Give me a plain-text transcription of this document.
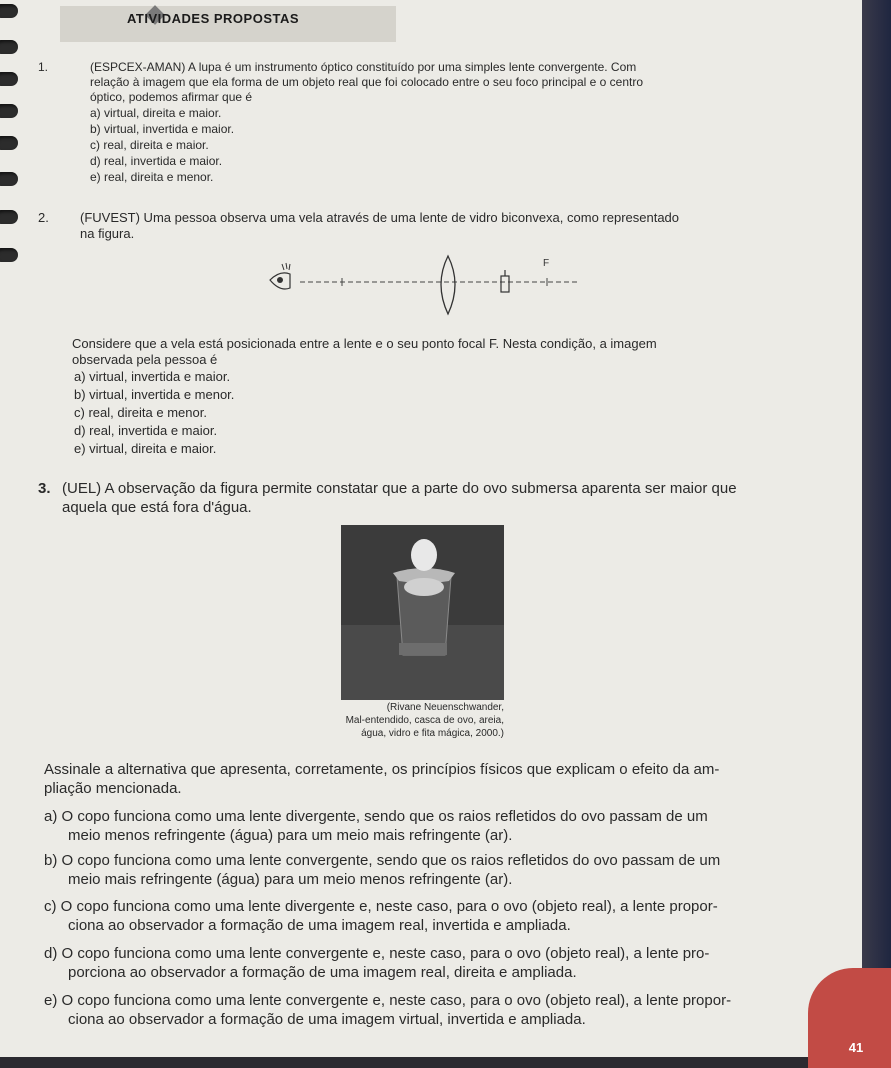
ATIVIDADES PROPOSTAS
1.	(ESPCEX-AMAN) A lupa é um instrumento óptico constituído por uma simples lente convergente. Com
relação à imagem que ela forma de um objeto real que foi colocado entre o seu foco principal e o centro
óptico, podemos afirmar que é
a) virtual, direita e maior.
b) virtual, invertida e maior.
c) real, direita e maior.
d) real, invertida e maior.
e) real, direita e menor.
2. (FUVEST) Uma pessoa observa uma vela através de uma lente de vidro biconvexa, como representado
na figura.
F
Considere que a vela está posicionada entre a lente e o seu ponto focal F. Nesta condição, a imagem
observada pela pessoa é
a) virtual, invertida e maior.
b) virtual, invertida e menor.
c) real, direita e menor.
d) real, invertida e maior.
e) virtual, direita e maior.
3. (UEL) A observação da figura permite constatar que a parte do ovo submersa aparenta ser maior que
aquela que está fora d'água.
(Rivane Neuenschwander,
Mal-entendido, casca de ovo, areia,
água, vidro e fita mágica, 2000.)
Assinale a alternativa que apresenta, corretamente, os princípios físicos que explicam o efeito da am-
pliação mencionada.
a) O copo funciona como uma lente divergente, sendo que os raios refletidos do ovo passam de um
meio menos refringente (água) para um meio mais refringente (ar).
b) O copo funciona como uma lente convergente, sendo que os raios refletidos do ovo passam de um
meio mais refringente (água) para um meio menos refringente (ar).
c) O copo funciona como uma lente divergente e, neste caso, para o ovo (objeto real), a lente propor-
ciona ao observador a formação de uma imagem real, invertida e ampliada.
d) O copo funciona como uma lente convergente e, neste caso, para o ovo (objeto real), a lente pro-
porciona ao observador a formação de uma imagem real, direita e ampliada.
e) O copo funciona como uma lente convergente e, neste caso, para o ovo (objeto real), a lente propor-
ciona ao observador a formação de uma imagem virtual, invertida e ampliada.
41
